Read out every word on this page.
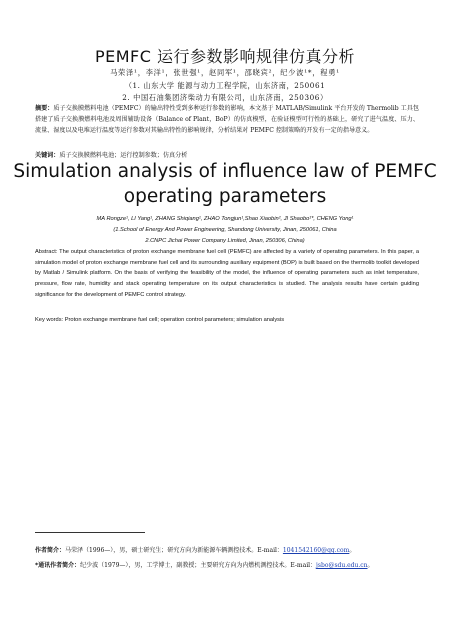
PEMFC 运行参数影响规律仿真分析
马荣泽¹，李洋¹，张世强¹，赵同军¹，邵晓宾²，纪少波¹*，程勇¹
（1. 山东大学 能源与动力工程学院，山东济南，250061
2. 中国石油集团济柴动力有限公司，山东济南，250306）
摘要：质子交换膜燃料电池（PEMFC）的输出特性受到多种运行参数的影响，本文基于 MATLAB/Simulink 平台开发的 Thermolib 工具包搭建了质子交换膜燃料电池及周围辅助设备（Balance of Plant，BoP）的仿真模型，在验证模型可行性的基础上，研究了进气温度、压力、流量、湿度以及电堆运行温度等运行参数对其输出特性的影响规律，分析结果对 PEMFC 控制策略的开发有一定的指导意义。
关键词：质子交换膜燃料电池；运行控制参数；仿真分析
Simulation analysis of influence law of PEMFC
operating parameters
MA Rongze¹, LI Yang¹, ZHANG Shiqiang¹, ZHAO Tongjun¹,Shao Xiaobin², JI Shaobo¹*, CHENG Yong¹
(1.School of Energy And Power Engineering, Shandong University, Jinan, 250061, China
2.CNPC Jichai Power Company Limited, Jinan, 250306, China)
Abstract: The output characteristics of proton exchange membrane fuel cell (PEMFC) are affected by a variety of operating parameters. In this paper, a simulation model of proton exchange membrane fuel cell and its surrounding auxiliary equipment (BOP) is built based on the thermolib toolkit developed by Matlab / Simulink platform. On the basis of verifying the feasibility of the model, the influence of operating parameters such as inlet temperature, pressure, flow rate, humidity and stack operating temperature on its output characteristics is studied. The analysis results have certain guiding significance for the development of PEMFC control strategy.
Key words: Proton exchange membrane fuel cell; operation control parameters; simulation analysis
作者简介：马荣泽（1996—），男，硕士研究生；研究方向为新能源车辆测控技术。E-mail：1041542160@qq.com。
*通讯作者简介：纪少波（1979—），男，工学博士，副教授；主要研究方向为内燃机测控技术。E-mail：jsbo@sdu.edu.cn。
